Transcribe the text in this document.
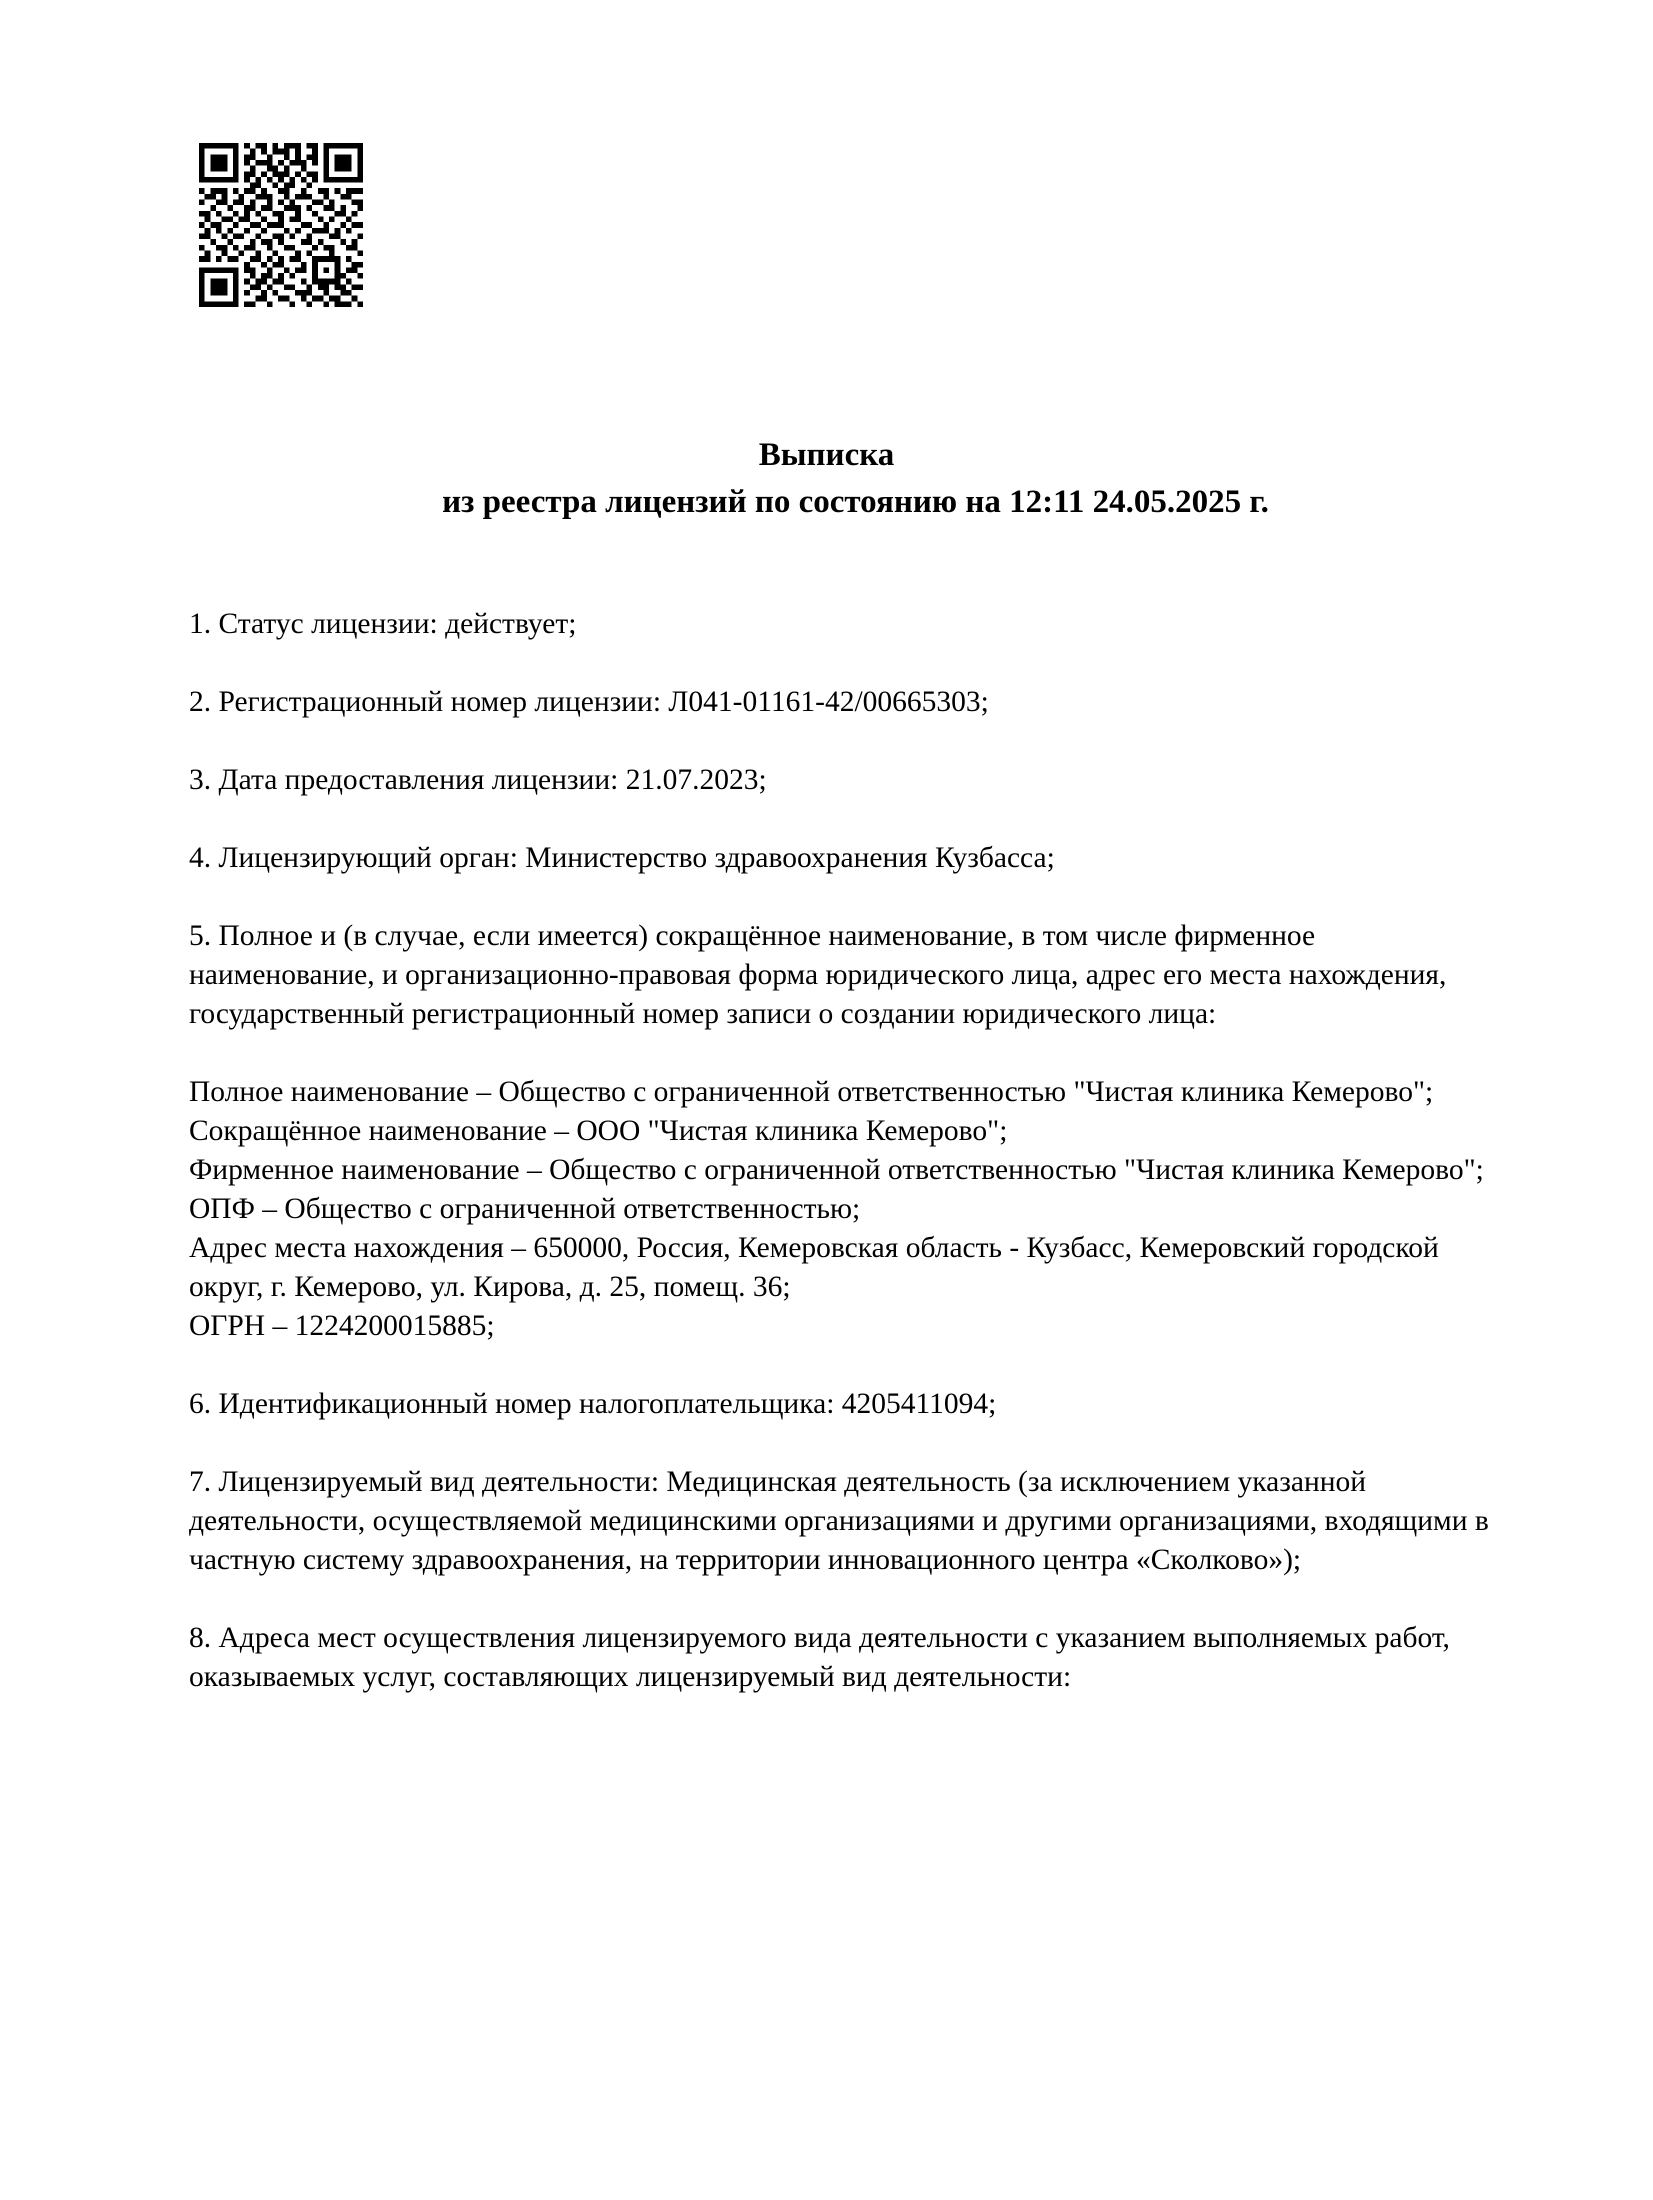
Выписка
из реестра лицензий по состоянию на 12:11 24.05.2025 г.

1. Статус лицензии: действует;

2. Регистрационный номер лицензии: Л041-01161-42/00665303;

3. Дата предоставления лицензии: 21.07.2023;

4. Лицензирующий орган: Министерство здравоохранения Кузбасса;

5. Полное и (в случае, если имеется) сокращённое наименование, в том числе фирменное наименование, и организационно-правовая форма юридического лица, адрес его места нахождения, государственный регистрационный номер записи о создании юридического лица:

Полное наименование – Общество с ограниченной ответственностью "Чистая клиника Кемерово";

Сокращённое наименование – ООО "Чистая клиника Кемерово";

Фирменное наименование – Общество с ограниченной ответственностью "Чистая клиника Кемерово";

ОПФ – Общество с ограниченной ответственностью;

Адрес места нахождения – 650000, Россия, Кемеровская область - Кузбасс, Кемеровский городской округ, г. Кемерово, ул. Кирова, д. 25, помещ. 36;

ОГРН – 1224200015885;

6. Идентификационный номер налогоплательщика: 4205411094;

7. Лицензируемый вид деятельности: Медицинская деятельность (за исключением указанной деятельности, осуществляемой медицинскими организациями и другими организациями, входящими в частную систему здравоохранения, на территории инновационного центра «Сколково»);

8. Адреса мест осуществления лицензируемого вида деятельности с указанием выполняемых работ, оказываемых услуг, составляющих лицензируемый вид деятельности:
